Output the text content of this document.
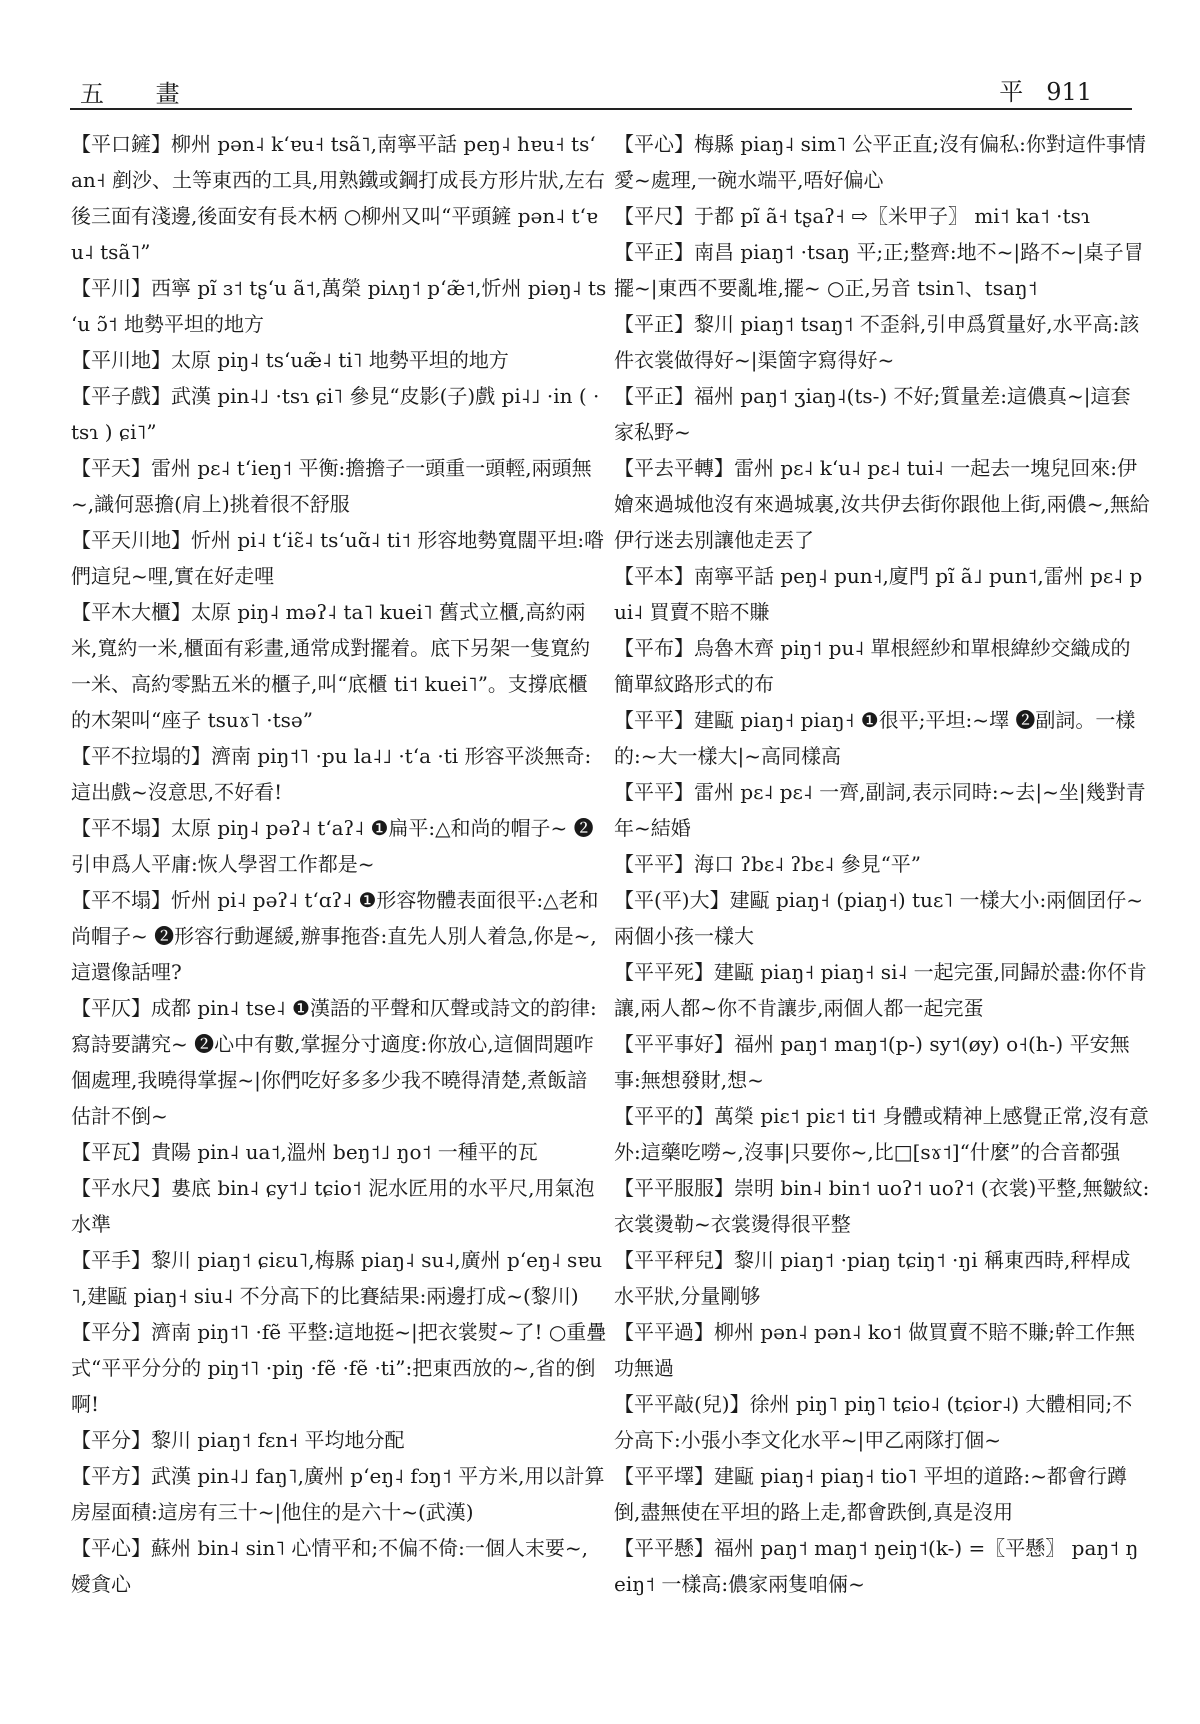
五 畫	平 911

【平口鏟】柳州 pən˨ kʻɐu˧ tsã˥,南寧平話 peŋ˨ hɐu˧ tsʻan˧ 剷沙、土等東西的工具,用熟鐵或鋼打成長方形片狀,左右後三面有淺邊,後面安有長木柄 ○柳州又叫“平頭鏟 pən˨ tʻɐu˨ tsã˥”

【平川】西寧 pĩ ɜ˦ tʂʻu ã˦,萬榮 piʌŋ˦ pʻæ̃˦,忻州 piəŋ˨ tsʻu ɔ̃˦ 地勢平坦的地方

【平川地】太原 piŋ˨ tsʻuæ̃˨ ti˥ 地勢平坦的地方

【平子戲】武漢 pin˨˩ ·tsɿ ɕi˥ 參見“皮影(子)戲 pi˨˩ ·in ( ·tsɿ ) ɕi˥”

【平天】雷州 pɛ˨ tʻieŋ˦ 平衡:擔擔子一頭重一頭輕,兩頭無~,識何惡擔(肩上)挑着很不舒服

【平天川地】忻州 pi˨ tʻiɛ̃˨ tsʻuɑ̃˨ ti˦ 形容地勢寬闊平坦:喒們這兒~哩,實在好走哩

【平木大櫃】太原 piŋ˨ məʔ˨ ta˥ kuei˥ 舊式立櫃,高約兩米,寬約一米,櫃面有彩畫,通常成對擺着。底下另架一隻寬約一米、高約零點五米的櫃子,叫“底櫃 ti˦ kuei˥”。支撐底櫃的木架叫“座子 tsuɤ˥ ·tsə”

【平不拉塌的】濟南 piŋ˦˥ ·pu la˨˩ ·tʻa ·ti 形容平淡無奇:這出戲~沒意思,不好看!

【平不塌】太原 piŋ˨ pəʔ˨ tʻaʔ˨ ❶扁平:△和尚的帽子~ ❷引申爲人平庸:恢人學習工作都是~

【平不塌】忻州 pi˨ pəʔ˨ tʻɑʔ˨ ❶形容物體表面很平:△老和尚帽子~ ❷形容行動遲緩,辦事拖沓:直先人別人着急,你是~,這還像話哩?

【平仄】成都 pin˨ tse˨ ❶漢語的平聲和仄聲或詩文的韵律:寫詩要講究~ ❷心中有數,掌握分寸適度:你放心,這個問題咋個處理,我曉得掌握~|你們吃好多多少我不曉得清楚,煮飯諳估計不倒~

【平瓦】貴陽 pin˨ ua˦,溫州 beŋ˦˩ ŋo˦ 一種平的瓦

【平水尺】婁底 bin˨ ɕy˦˩ tɕio˦ 泥水匠用的水平尺,用氣泡水準

【平手】黎川 piaŋ˦ ɕiɛu˥,梅縣 piaŋ˨ su˨,廣州 pʻeŋ˨ sɐu˥,建甌 piaŋ˧ siu˨ 不分高下的比賽結果:兩邊打成~(黎川)

【平分】濟南 piŋ˦˥ ·fẽ 平整:這地挺~|把衣裳熨~了! ○重疊式“平平分分的 piŋ˦˥ ·piŋ ·fẽ ·fẽ ·ti”:把東西放的~,省的倒啊!

【平分】黎川 piaŋ˦ fɛn˧ 平均地分配

【平方】武漢 pin˨˩ faŋ˥,廣州 pʻeŋ˨ fɔŋ˦ 平方米,用以計算房屋面積:這房有三十~|他住的是六十~(武漢)

【平心】蘇州 bin˨ sin˥ 心情平和;不偏不倚:一個人末要~,嬡貪心

【平心】梅縣 piaŋ˨ sim˥ 公平正直;沒有偏私:你對這件事情愛~處理,一碗水端平,唔好偏心

【平尺】于都 pĩ ã˧ tʂaʔ˧ ⇨〖米甲子〗 mi˦ ka˦ ·tsɿ

【平正】南昌 piaŋ˦ ·tsaŋ 平;正;整齊:地不~|路不~|桌子冒擺~|東西不要亂堆,擺~ ○正,另音 tsin˥、tsaŋ˦

【平正】黎川 piaŋ˦ tsaŋ˦ 不歪斜,引申爲質量好,水平高:該件衣裳做得好~|渠箇字寫得好~

【平正】福州 paŋ˦ ʒiaŋ˨(ts-) 不好;質量差:這儂真~|這套家私野~

【平去平轉】雷州 pɛ˨ kʻu˨ pɛ˨ tui˨ 一起去一塊兒回來:伊嬒來過城他沒有來過城裏,汝共伊去街你跟他上街,兩儂~,無給伊行迷去別讓他走丟了

【平本】南寧平話 peŋ˨ pun˧,廈門 pĩ ã˩ pun˦,雷州 pɛ˨ pui˨ 買賣不賠不賺

【平布】烏魯木齊 piŋ˦ pu˨ 單根經紗和單根緯紗交織成的簡單紋路形式的布

【平平】建甌 piaŋ˧ piaŋ˧ ❶很平;平坦:~墿 ❷副詞。一樣的:~大一樣大|~高同樣高

【平平】雷州 pɛ˨ pɛ˨ 一齊,副詞,表示同時:~去|~坐|幾對青年~結婚

【平平】海口 ʔbɛ˨ ʔbɛ˨ 參見“平”

【平(平)大】建甌 piaŋ˧ (piaŋ˧) tuɛ˥ 一樣大小:兩個囝仔~兩個小孩一樣大

【平平死】建甌 piaŋ˧ piaŋ˧ si˨ 一起完蛋,同歸於盡:你伓肯讓,兩人都~你不肯讓步,兩個人都一起完蛋

【平平事好】福州 paŋ˦ maŋ˦(p-) sy˦(øy) o˧(h-) 平安無事:無想發財,想~

【平平的】萬榮 piɛ˦ piɛ˦ ti˦ 身體或精神上感覺正常,沒有意外:這藥吃嘮~,沒事|只要你~,比□[sɤ˦]“什麼”的合音都强

【平平服服】崇明 bin˨ bin˦ uoʔ˦ uoʔ˦ (衣裳)平整,無皺紋:衣裳燙勒~衣裳燙得很平整

【平平秤兒】黎川 piaŋ˦ ·piaŋ tɕiŋ˦ ·ŋi 稱東西時,秤桿成水平狀,分量剛够

【平平過】柳州 pən˨ pən˨ ko˦ 做買賣不賠不賺;幹工作無功無過

【平平敲(兒)】徐州 piŋ˥ piŋ˥ tɕio˨ (tɕior˨) 大體相同;不分高下:小張小李文化水平~|甲乙兩隊打個~

【平平墿】建甌 piaŋ˧ piaŋ˧ tio˥ 平坦的道路:~都會行蹲倒,盡無使在平坦的路上走,都會跌倒,真是沒用

【平平懸】福州 paŋ˦ maŋ˦ ŋeiŋ˦(k-) =〖平懸〗 paŋ˦ ŋeiŋ˦ 一樣高:儂家兩隻咱倆~
